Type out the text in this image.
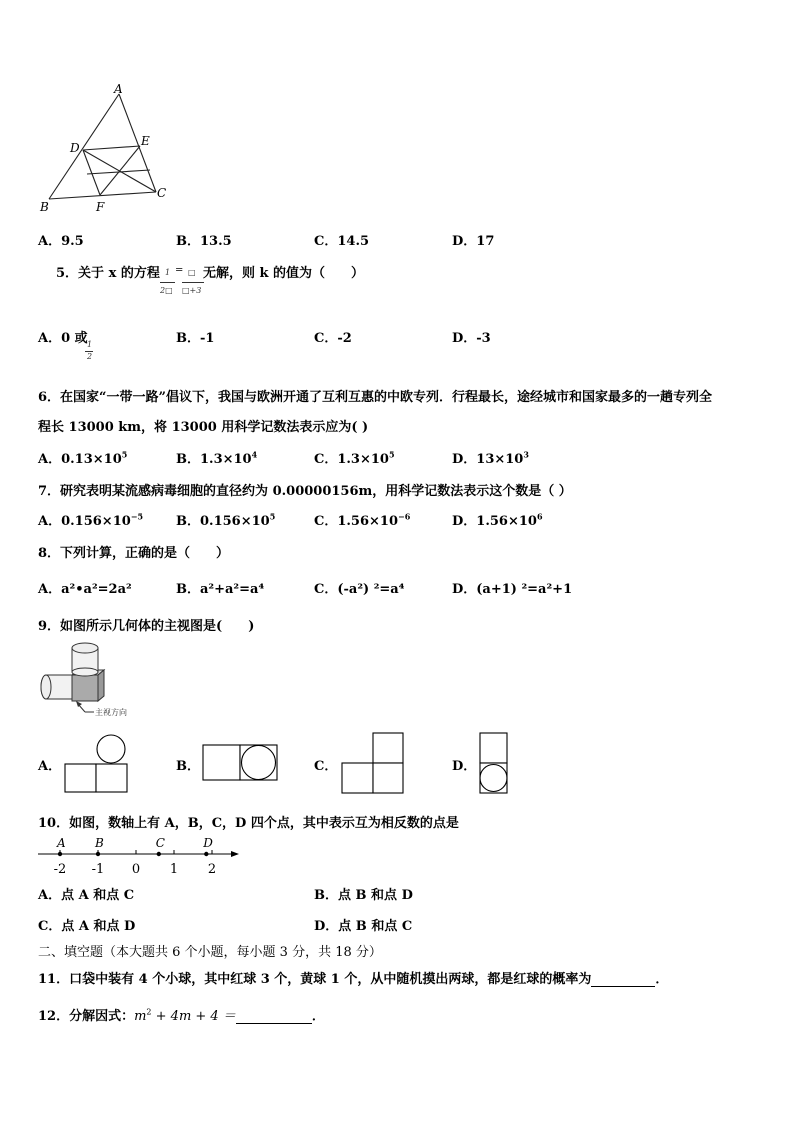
A
D	E
B	F
C
A．9.5	B．13.5	C．14.5	D．17
5．关于 x 的方程 1
2□
= □
□+3
无解，则 k 的值为（　　）
A．0 或 1
2
B．-1	C．-2	D．-3
6．在国家“一带一路”倡议下，我国与欧洲开通了互利互惠的中欧专列．行程最长，途经城市和国家最多的一趟专列全
程长 13000 km，将 13000 用科学记数法表示应为( )
A．$0.13\times 10^5$	B．$1.3\times 10^4$	C．$1.3\times 10^5$	D．$13\times 10^3$
7．研究表明某流感病毒细胞的直径约为 0.00000156m，用科学记数法表示这个数是（ ）
A．$0.156\times 10^{-5}$	B．$0.156\times 10^5$	C．$1.56\times 10^{-6}$	D．$1.56\times 10^6$
8．下列计算，正确的是（　　）
A．a²•a²=2a²	B．a²+a²=a⁴	C．(-a²) ²=a⁴	D．(a+1) ²=a²+1
9．如图所示几何体的主视图是(　　)
主视方向
A．	B．	C．	D．
10．如图，数轴上有 A，B，C，D 四个点，其中表示互为相反数的点是
-2 -1 0 1 2
A B	C	D
A．点 A 和点 C	B．点 B 和点 D
C．点 A 和点 D	D．点 B 和点 C
二、填空题（本大题共 6 个小题，每小题 3 分，共 18 分）
11．口袋中装有 4 个小球，其中红球 3 个，黄球 1 个，从中随机摸出两球，都是红球的概率为	．
12．分解因式：$m^2 + 4m + 4$ ＝	．
